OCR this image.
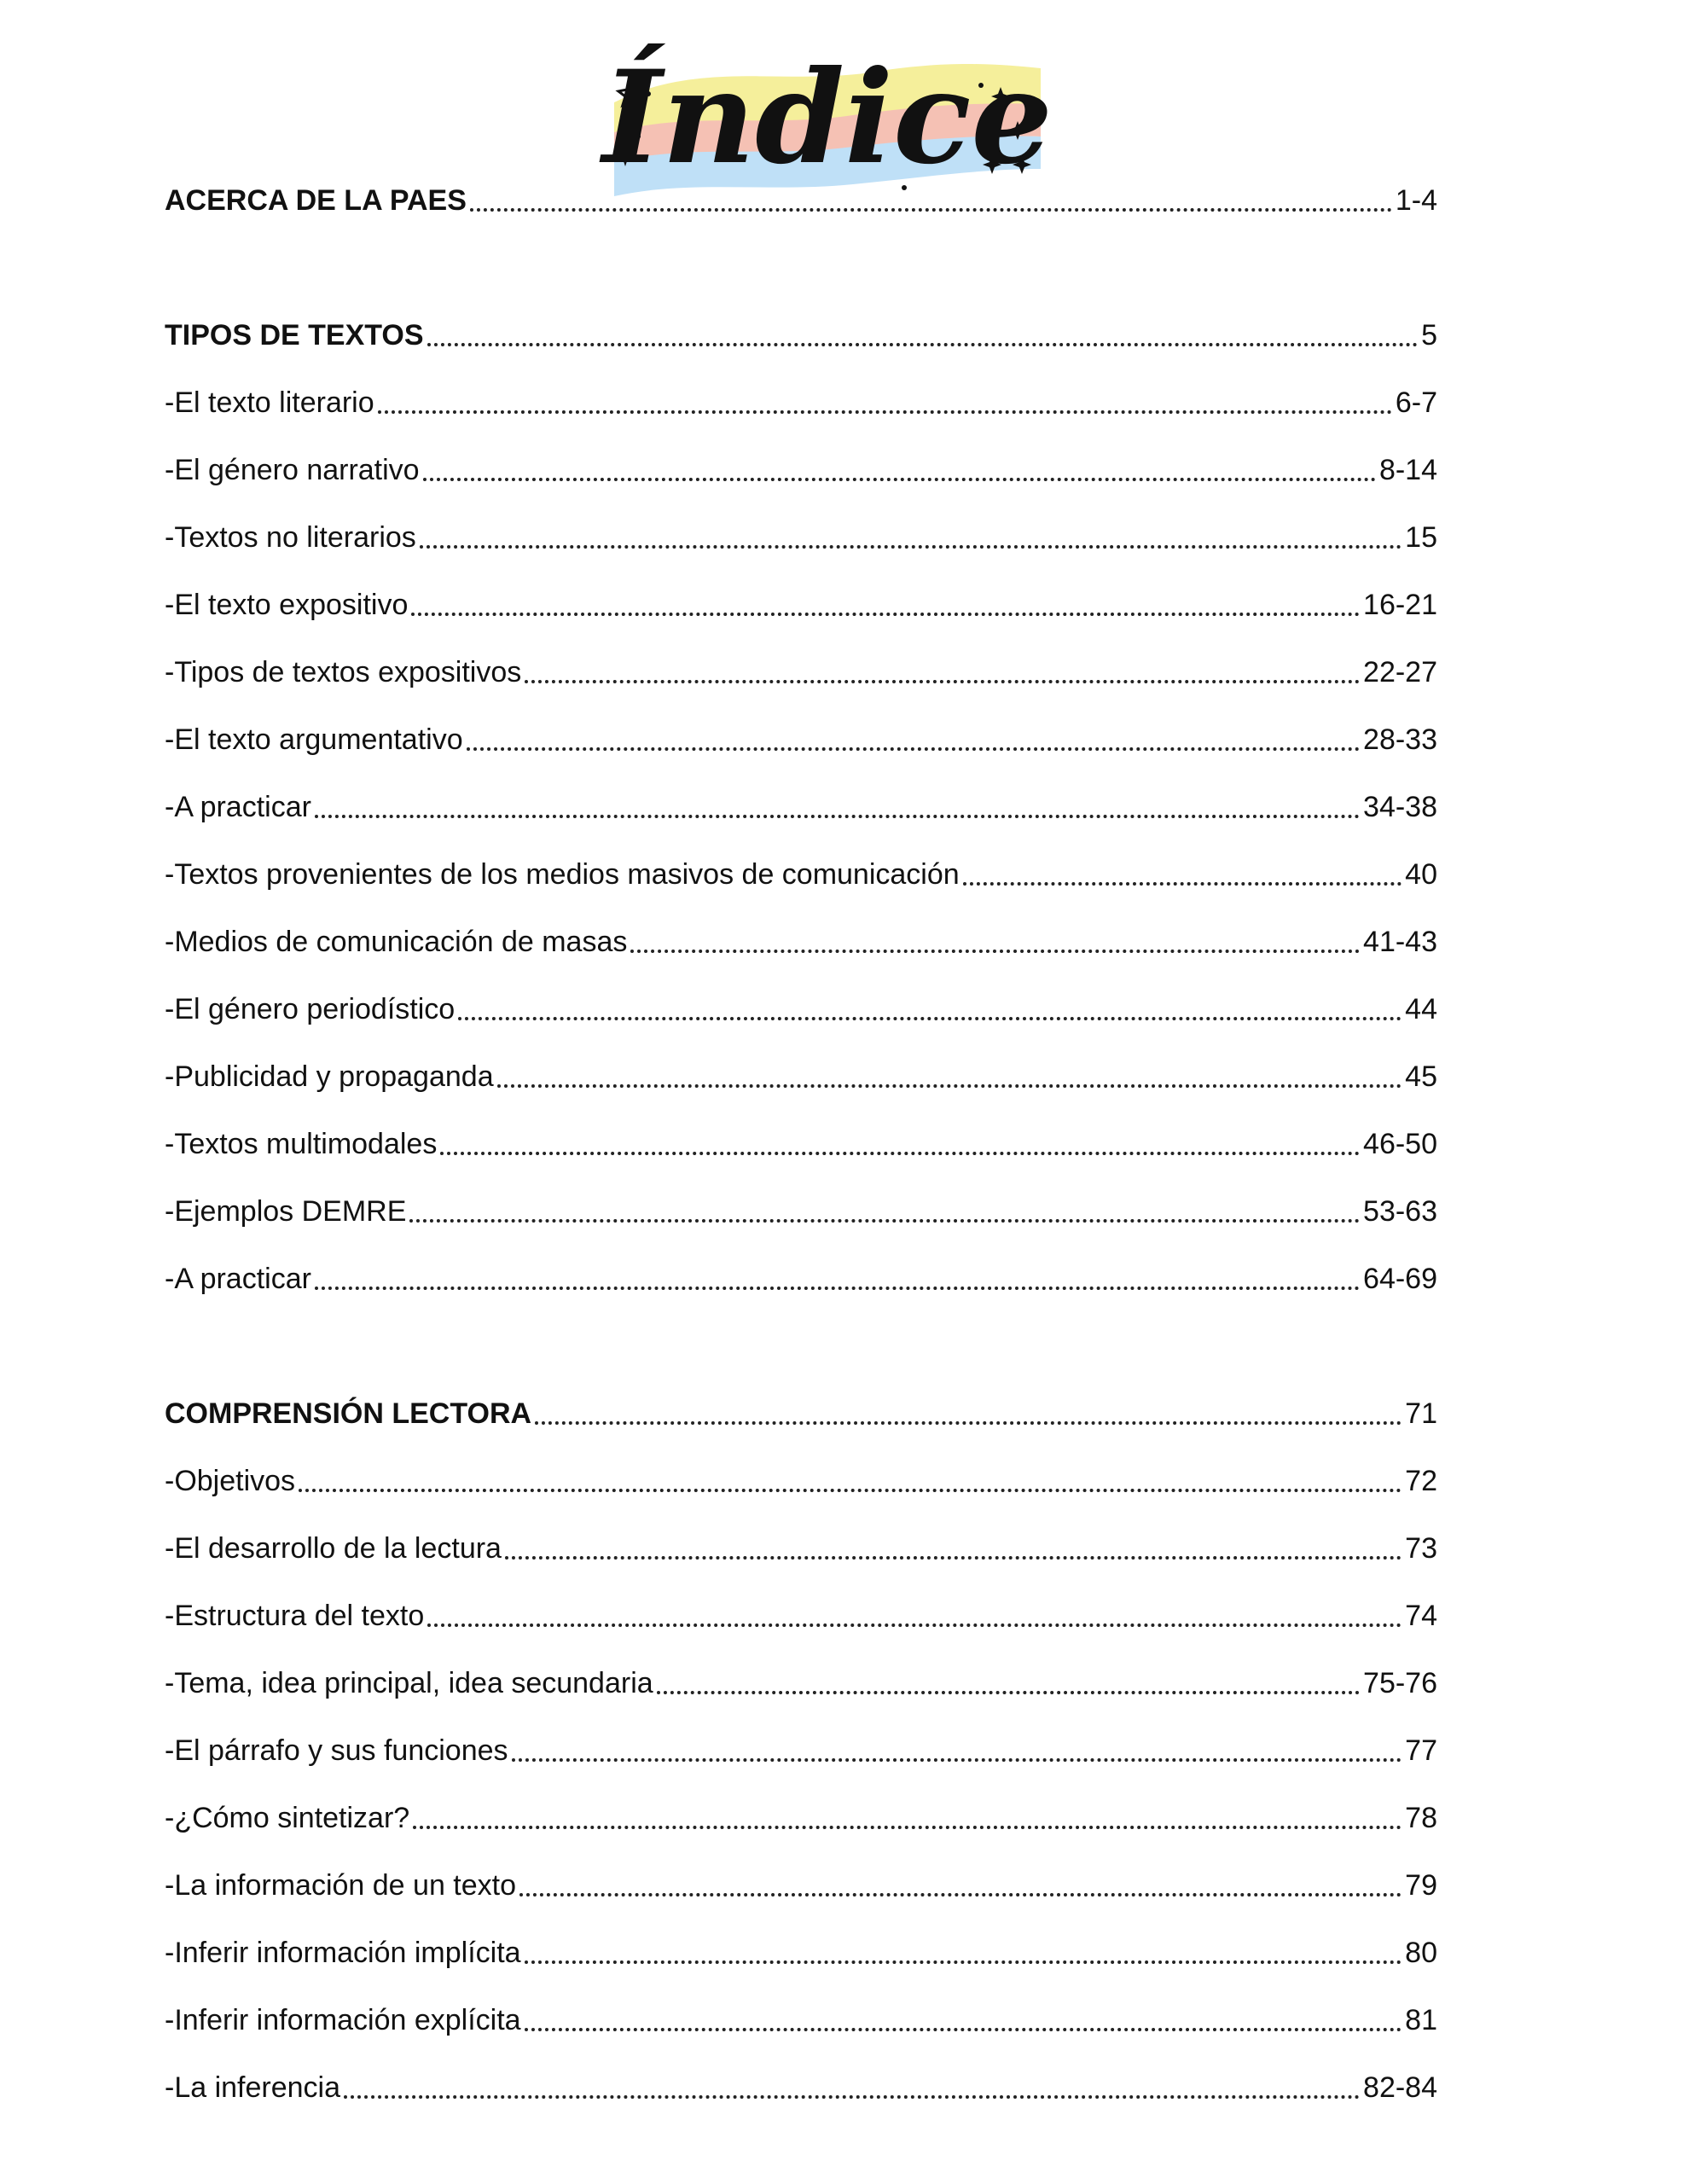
Índice
ACERCA DE LA PAES	1-4
TIPOS DE TEXTOS	5
-El texto literario	6-7
-El género narrativo	8-14
-Textos no literarios	15
-El texto expositivo	16-21
-Tipos de textos expositivos	22-27
-El texto argumentativo	28-33
-A practicar	34-38
-Textos provenientes de los medios masivos de comunicación	40
-Medios de comunicación de masas	41-43
-El género periodístico	44
-Publicidad y propaganda	45
-Textos multimodales	46-50
-Ejemplos DEMRE	53-63
-A practicar	64-69
COMPRENSIÓN LECTORA	71
-Objetivos	72
-El desarrollo de la lectura	73
-Estructura del texto	74
-Tema, idea principal, idea secundaria	75-76
-El párrafo y sus funciones	77
-¿Cómo sintetizar?	78
-La información de un texto	79
-Inferir información implícita	80
-Inferir información explícita	81
-La inferencia	82-84
